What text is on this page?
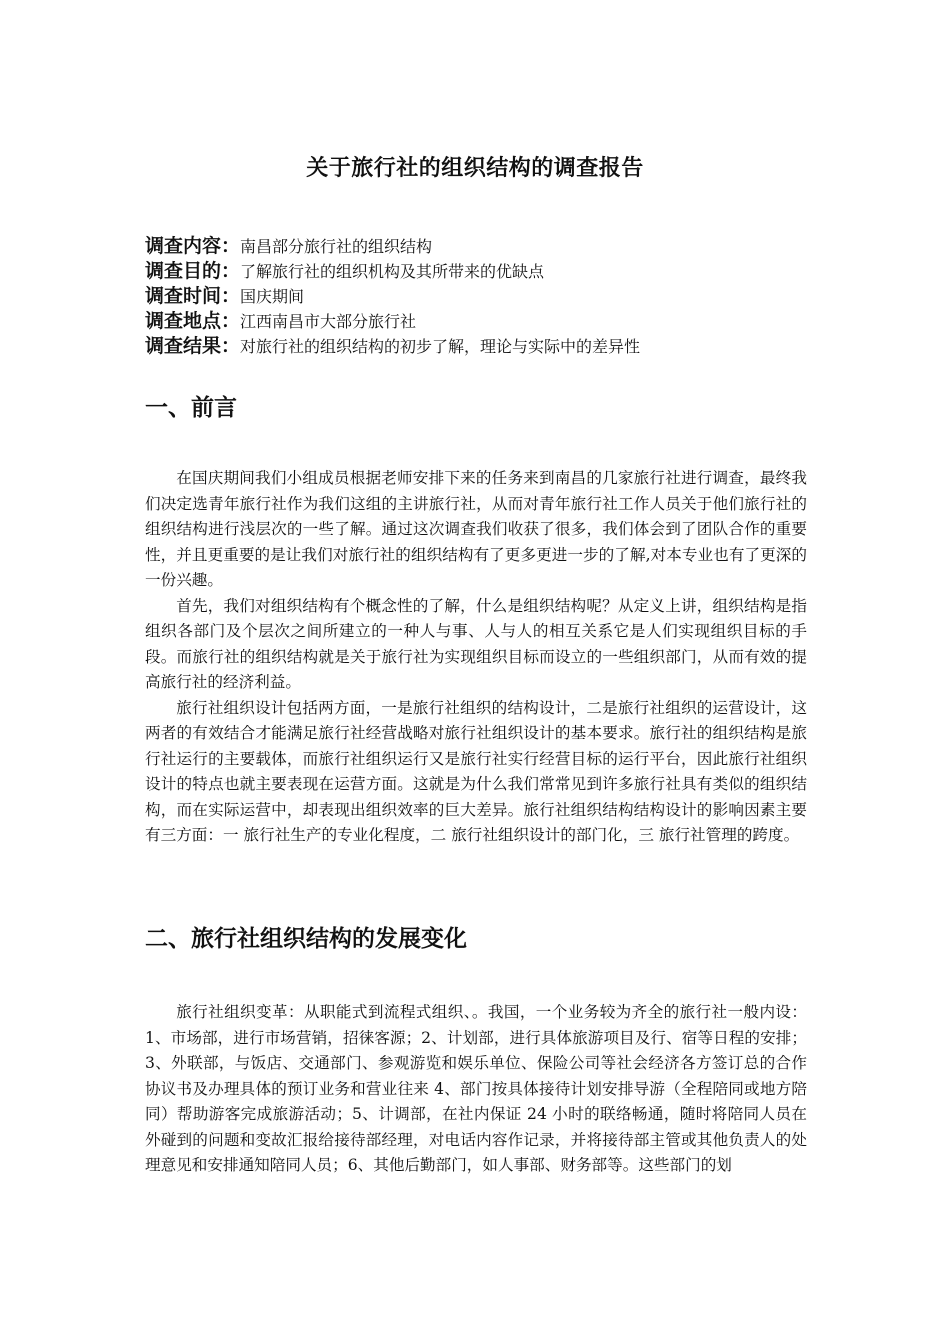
关于旅行社的组织结构的调查报告
调查内容：南昌部分旅行社的组织结构
调查目的：了解旅行社的组织机构及其所带来的优缺点
调查时间：国庆期间
调查地点：江西南昌市大部分旅行社
调查结果：对旅行社的组织结构的初步了解，理论与实际中的差异性
一、前言

在国庆期间我们小组成员根据老师安排下来的任务来到南昌的几家旅行社进行调查，最终我们决定选青年旅行社作为我们这组的主讲旅行社，从而对青年旅行社工作人员关于他们旅行社的组织结构进行浅层次的一些了解。通过这次调查我们收获了很多，我们体会到了团队合作的重要性，并且更重要的是让我们对旅行社的组织结构有了更多更进一步的了解,对本专业也有了更深的一份兴趣。

首先，我们对组织结构有个概念性的了解，什么是组织结构呢？从定义上讲，组织结构是指组织各部门及个层次之间所建立的一种人与事、人与人的相互关系它是人们实现组织目标的手段。而旅行社的组织结构就是关于旅行社为实现组织目标而设立的一些组织部门，从而有效的提高旅行社的经济利益。

旅行社组织设计包括两方面，一是旅行社组织的结构设计，二是旅行社组织的运营设计，这两者的有效结合才能满足旅行社经营战略对旅行社组织设计的基本要求。旅行社的组织结构是旅行社运行的主要载体，而旅行社组织运行又是旅行社实行经营目标的运行平台，因此旅行社组织设计的特点也就主要表现在运营方面。这就是为什么我们常常见到许多旅行社具有类似的组织结构，而在实际运营中，却表现出组织效率的巨大差异。旅行社组织结构结构设计的影响因素主要有三方面：一 旅行社生产的专业化程度，二 旅行社组织设计的部门化，三 旅行社管理的跨度。

二、旅行社组织结构的发展变化

旅行社组织变革：从职能式到流程式组织、。我国，一个业务较为齐全的旅行社一般内设：1、市场部，进行市场营销，招徕客源；2、计划部，进行具体旅游项目及行、宿等日程的安排；3、外联部，与饭店、交通部门、参观游览和娱乐单位、保险公司等社会经济各方签订总的合作协议书及办理具体的预订业务和营业往来 4、部门按具体接待计划安排导游（全程陪同或地方陪同）帮助游客完成旅游活动；5、计调部，在社内保证 24 小时的联络畅通，随时将陪同人员在外碰到的问题和变故汇报给接待部经理，对电话内容作记录，并将接待部主管或其他负责人的处理意见和安排通知陪同人员；6、其他后勤部门，如人事部、财务部等。这些部门的划
